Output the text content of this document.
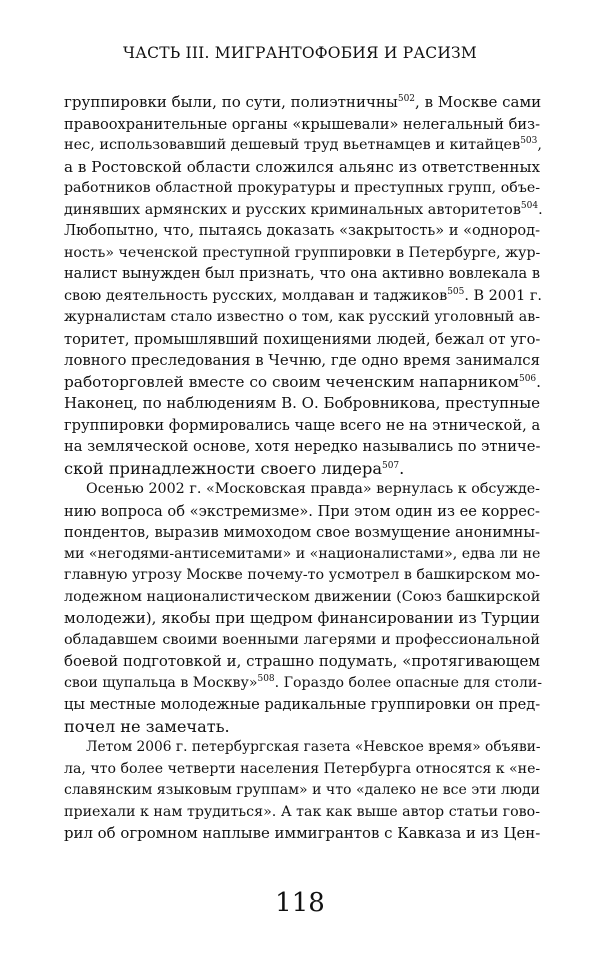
ЧАСТЬ III. МИГРАНТОФОБИЯ И РАСИЗМ
группировки были, по сути, полиэтничны$^{502}$, в Москве сами
правоохранительные органы «крышевали» нелегальный биз-
нес, использовавший дешевый труд вьетнамцев и китайцев$^{503}$,
а в Ростовской области сложился альянс из ответственных
работников областной прокуратуры и преступных групп, объе-
динявших армянских и русских криминальных авторитетов$^{504}$.
Любопытно, что, пытаясь доказать «закрытость» и «однород-
ность» чеченской преступной группировки в Петербурге, жур-
налист вынужден был признать, что она активно вовлекала в
свою деятельность русских, молдаван и таджиков$^{505}$. В 2001 г.
журналистам стало известно о том, как русский уголовный ав-
торитет, промышлявший похищениями людей, бежал от уго-
ловного преследования в Чечню, где одно время занимался
работорговлей вместе со своим чеченским напарником$^{506}$.
Наконец, по наблюдениям В. О. Бобровникова, преступные
группировки формировались чаще всего не на этнической, а
на земляческой основе, хотя нередко назывались по этниче-
ской принадлежности своего лидера$^{507}$.
Осенью 2002 г. «Московская правда» вернулась к обсужде-
нию вопроса об «экстремизме». При этом один из ее коррес-
пондентов, выразив мимоходом свое возмущение анонимны-
ми «негодями-антисемитами» и «националистами», едва ли не
главную угрозу Москве почему-то усмотрел в башкирском мо-
лодежном националистическом движении (Союз башкирской
молодежи), якобы при щедром финансировании из Турции
обладавшем своими военными лагерями и профессиональной
боевой подготовкой и, страшно подумать, «протягивающем
свои щупальца в Москву»$^{508}$. Гораздо более опасные для столи-
цы местные молодежные радикальные группировки он пред-
почел не замечать.
Летом 2006 г. петербургская газета «Невское время» объяви-
ла, что более четверти населения Петербурга относятся к «не-
славянским языковым группам» и что «далеко не все эти люди
приехали к нам трудиться». А так как выше автор статьи гово-
рил об огромном наплыве иммигрантов с Кавказа и из Цен-
118
